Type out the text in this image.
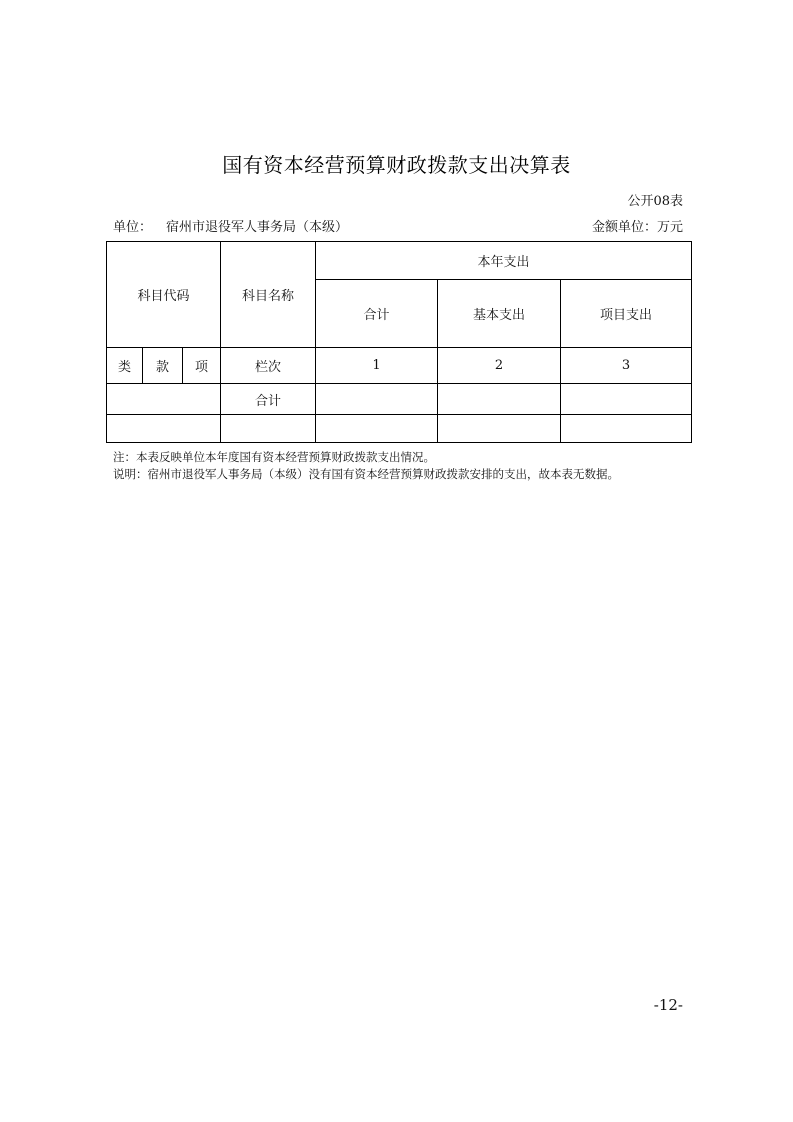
国有资本经营预算财政拨款支出决算表
公开08表
单位： 宿州市退役军人事务局（本级）	金额单位：万元
科目代码			科目名称	本年支出		
				合计	基本支出	项目支出
类	款	项	栏次	1	2	3
			合计			

注：本表反映单位本年度国有资本经营预算财政拨款支出情况。
说明：宿州市退役军人事务局（本级）没有国有资本经营预算财政拨款安排的支出，故本表无数据。
-12-
